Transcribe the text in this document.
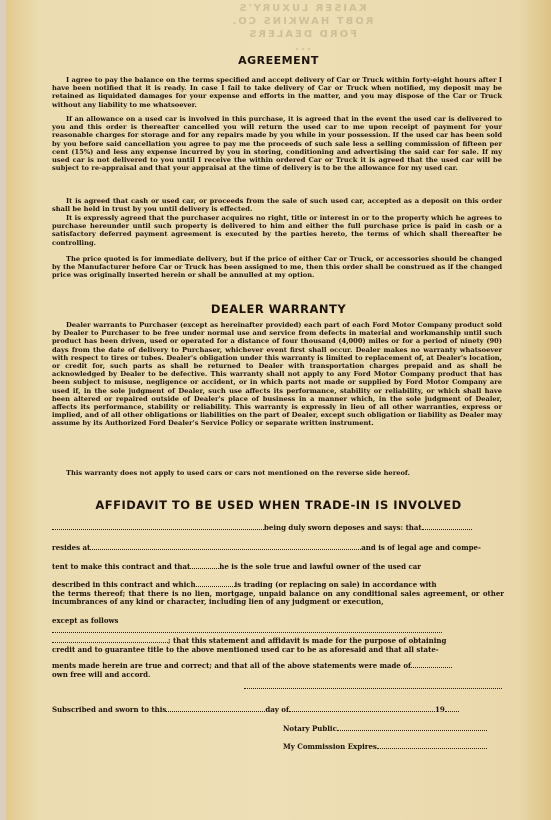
KAISER LUXURY'S
ROBT HAWKINS CO.
FORD DEALERS
...
AGREEMENT

I agree to pay the balance on the terms specified and accept delivery of Car or Truck within forty-eight hours after I have been notified that it is ready. In case I fail to take delivery of Car or Truck when notified, my deposit may be retained as liquidated damages for your expense and efforts in the matter, and you may dispose of the Car or Truck without any liability to me whatsoever.

If an allowance on a used car is involved in this purchase, it is agreed that in the event the used car is delivered to you and this order is thereafter cancelled you will return the used car to me upon receipt of payment for your reasonable charges for storage and for any repairs made by you while in your possession. If the used car has been sold by you before said cancellation you agree to pay me the proceeds of such sale less a selling commission of fifteen per cent (15%) and less any expense incurred by you in storing, conditioning and advertising the said car for sale. If my used car is not delivered to you until I receive the within ordered Car or Truck it is agreed that the used car will be subject to re-appraisal and that your appraisal at the time of delivery is to be the allowance for my used car.

It is agreed that cash or used car, or proceeds from the sale of such used car, accepted as a deposit on this order shall be held in trust by you until delivery is effected.

It is expressly agreed that the purchaser acquires no right, title or interest in or to the property which he agrees to purchase hereunder until such property is delivered to him and either the full purchase price is paid in cash or a satisfactory deferred payment agreement is executed by the parties hereto, the terms of which shall thereafter be controlling.

The price quoted is for immediate delivery, but if the price of either Car or Truck, or accessories should be changed by the Manufacturer before Car or Truck has been assigned to me, then this order shall be construed as if the changed price was originally inserted herein or shall be annulled at my option.

DEALER WARRANTY

Dealer warrants to Purchaser (except as hereinafter provided) each part of each Ford Motor Company product sold by Dealer to Purchaser to be free under normal use and service from defects in material and workmanship until such product has been driven, used or operated for a distance of four thousand (4,000) miles or for a period of ninety (90) days from the date of delivery to Purchaser, whichever event first shall occur. Dealer makes no warranty whatsoever with respect to tires or tubes. Dealer's obligation under this warranty is limited to replacement of, at Dealer's location, or credit for, such parts as shall be returned to Dealer with transportation charges prepaid and as shall be acknowledged by Dealer to be defective. This warranty shall not apply to any Ford Motor Company product that has been subject to misuse, negligence or accident, or in which parts not made or supplied by Ford Motor Company are used if, in the sole judgment of Dealer, such use affects its performance, stability or reliability, or which shall have been altered or repaired outside of Dealer's place of business in a manner which, in the sole judgment of Dealer, affects its performance, stability or reliability. This warranty is expressly in lieu of all other warranties, express or implied, and of all other obligations or liabilities on the part of Dealer, except such obligation or liability as Dealer may assume by its Authorized Ford Dealer's Service Policy or separate written instrument.

This warranty does not apply to used cars or cars not mentioned on the reverse side hereof.

AFFIDAVIT TO BE USED WHEN TRADE-IN IS INVOLVED
being duly sworn deposes and says: that
resides at	and is of legal age and compe-
tent to make this contract and that	he is the sole true and lawful owner of the used car
described in this contract and which	is trading (or replacing on sale) in accordance with
the terms thereof; that there is no lien, mortgage, unpaid balance on any conditional sales agreement, or other incumbrances of any kind or character, including lien of any judgment or execution,
except as follows
; that this statement and affidavit is made for the purpose of obtaining
credit and to guarantee title to the above mentioned used car to be as aforesaid and that all state-
ments made herein are true and correct; and that all of the above statements were made of
own free will and accord.
Subscribed and sworn to this	day of	19
Notary Public
My Commission Expires
